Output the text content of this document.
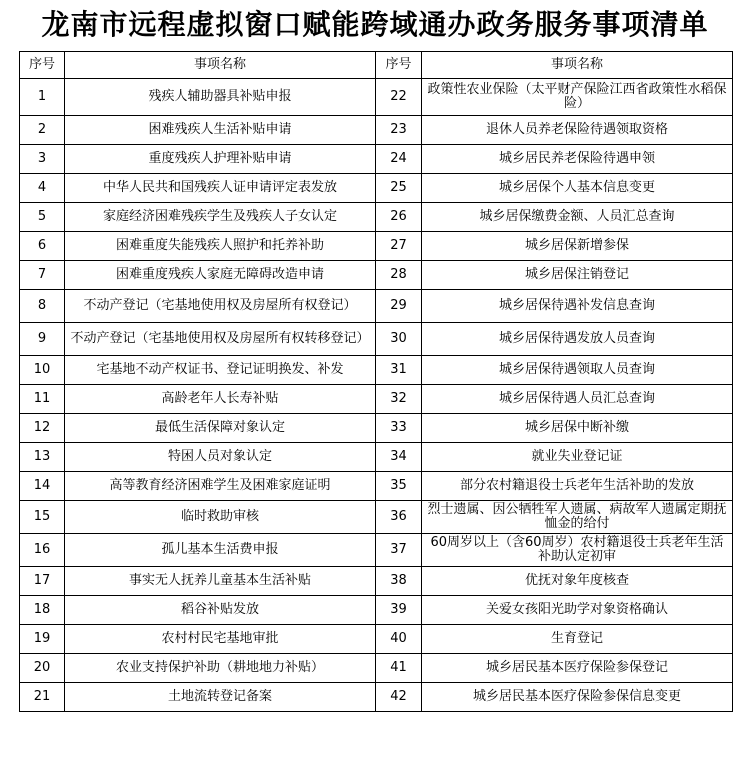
龙南市远程虚拟窗口赋能跨域通办政务服务事项清单
序号	事项名称	序号	事项名称
1	残疾人辅助器具补贴申报	22	政策性农业保险（太平财产保险江西省政策性水稻保险）
2	困难残疾人生活补贴申请	23	退休人员养老保险待遇领取资格
3	重度残疾人护理补贴申请	24	城乡居民养老保险待遇申领
4	中华人民共和国残疾人证申请评定表发放	25	城乡居保个人基本信息变更
5	家庭经济困难残疾学生及残疾人子女认定	26	城乡居保缴费金额、人员汇总查询
6	困难重度失能残疾人照护和托养补助	27	城乡居保新增参保
7	困难重度残疾人家庭无障碍改造申请	28	城乡居保注销登记
8	不动产登记（宅基地使用权及房屋所有权登记）	29	城乡居保待遇补发信息查询
9	不动产登记（宅基地使用权及房屋所有权转移登记）	30	城乡居保待遇发放人员查询
10	宅基地不动产权证书、登记证明换发、补发	31	城乡居保待遇领取人员查询
11	高龄老年人长寿补贴	32	城乡居保待遇人员汇总查询
12	最低生活保障对象认定	33	城乡居保中断补缴
13	特困人员对象认定	34	就业失业登记证
14	高等教育经济困难学生及困难家庭证明	35	部分农村籍退役士兵老年生活补助的发放
15	临时救助审核	36	烈士遗属、因公牺牲军人遗属、病故军人遗属定期抚恤金的给付
16	孤儿基本生活费申报	37	60周岁以上（含60周岁）农村籍退役士兵老年生活补助认定初审
17	事实无人抚养儿童基本生活补贴	38	优抚对象年度核查
18	稻谷补贴发放	39	关爱女孩阳光助学对象资格确认
19	农村村民宅基地审批	40	生育登记
20	农业支持保护补助（耕地地力补贴）	41	城乡居民基本医疗保险参保登记
21	土地流转登记备案	42	城乡居民基本医疗保险参保信息变更
